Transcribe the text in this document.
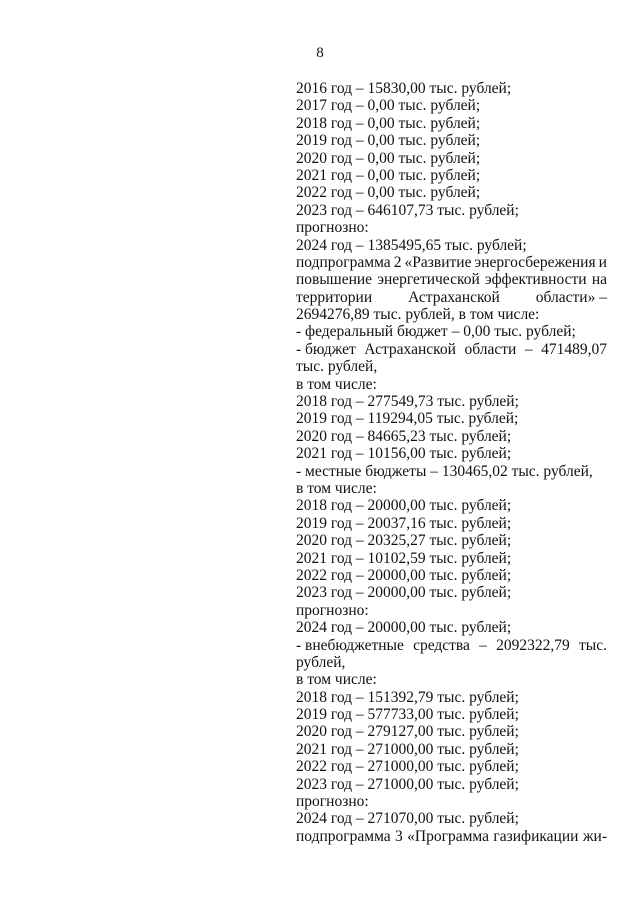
8
2016 год – 15830,00 тыс. рублей;
2017 год – 0,00 тыс. рублей;
2018 год – 0,00 тыс. рублей;
2019 год – 0,00 тыс. рублей;
2020 год – 0,00 тыс. рублей;
2021 год – 0,00 тыс. рублей;
2022 год – 0,00 тыс. рублей;
2023 год – 646107,73 тыс. рублей;
прогнозно:
2024 год – 1385495,65 тыс. рублей;
подпрограмма 2 «Развитие энергосбережения и
повышение энергетической эффективности на
территории Астраханской области» –
2694276,89 тыс. рублей, в том числе:
- федеральный бюджет – 0,00 тыс. рублей;
- бюджет Астраханской области – 471489,07
тыс. рублей,
в том числе:
2018 год – 277549,73 тыс. рублей;
2019 год – 119294,05 тыс. рублей;
2020 год – 84665,23 тыс. рублей;
2021 год – 10156,00 тыс. рублей;
- местные бюджеты – 130465,02 тыс. рублей,
в том числе:
2018 год – 20000,00 тыс. рублей;
2019 год – 20037,16 тыс. рублей;
2020 год – 20325,27 тыс. рублей;
2021 год – 10102,59 тыс. рублей;
2022 год – 20000,00 тыс. рублей;
2023 год – 20000,00 тыс. рублей;
прогнозно:
2024 год – 20000,00 тыс. рублей;
- внебюджетные средства – 2092322,79 тыс.
рублей,
в том числе:
2018 год – 151392,79 тыс. рублей;
2019 год – 577733,00 тыс. рублей;
2020 год – 279127,00 тыс. рублей;
2021 год – 271000,00 тыс. рублей;
2022 год – 271000,00 тыс. рублей;
2023 год – 271000,00 тыс. рублей;
прогнозно:
2024 год – 271070,00 тыс. рублей;
подпрограмма 3 «Программа газификации жи-
